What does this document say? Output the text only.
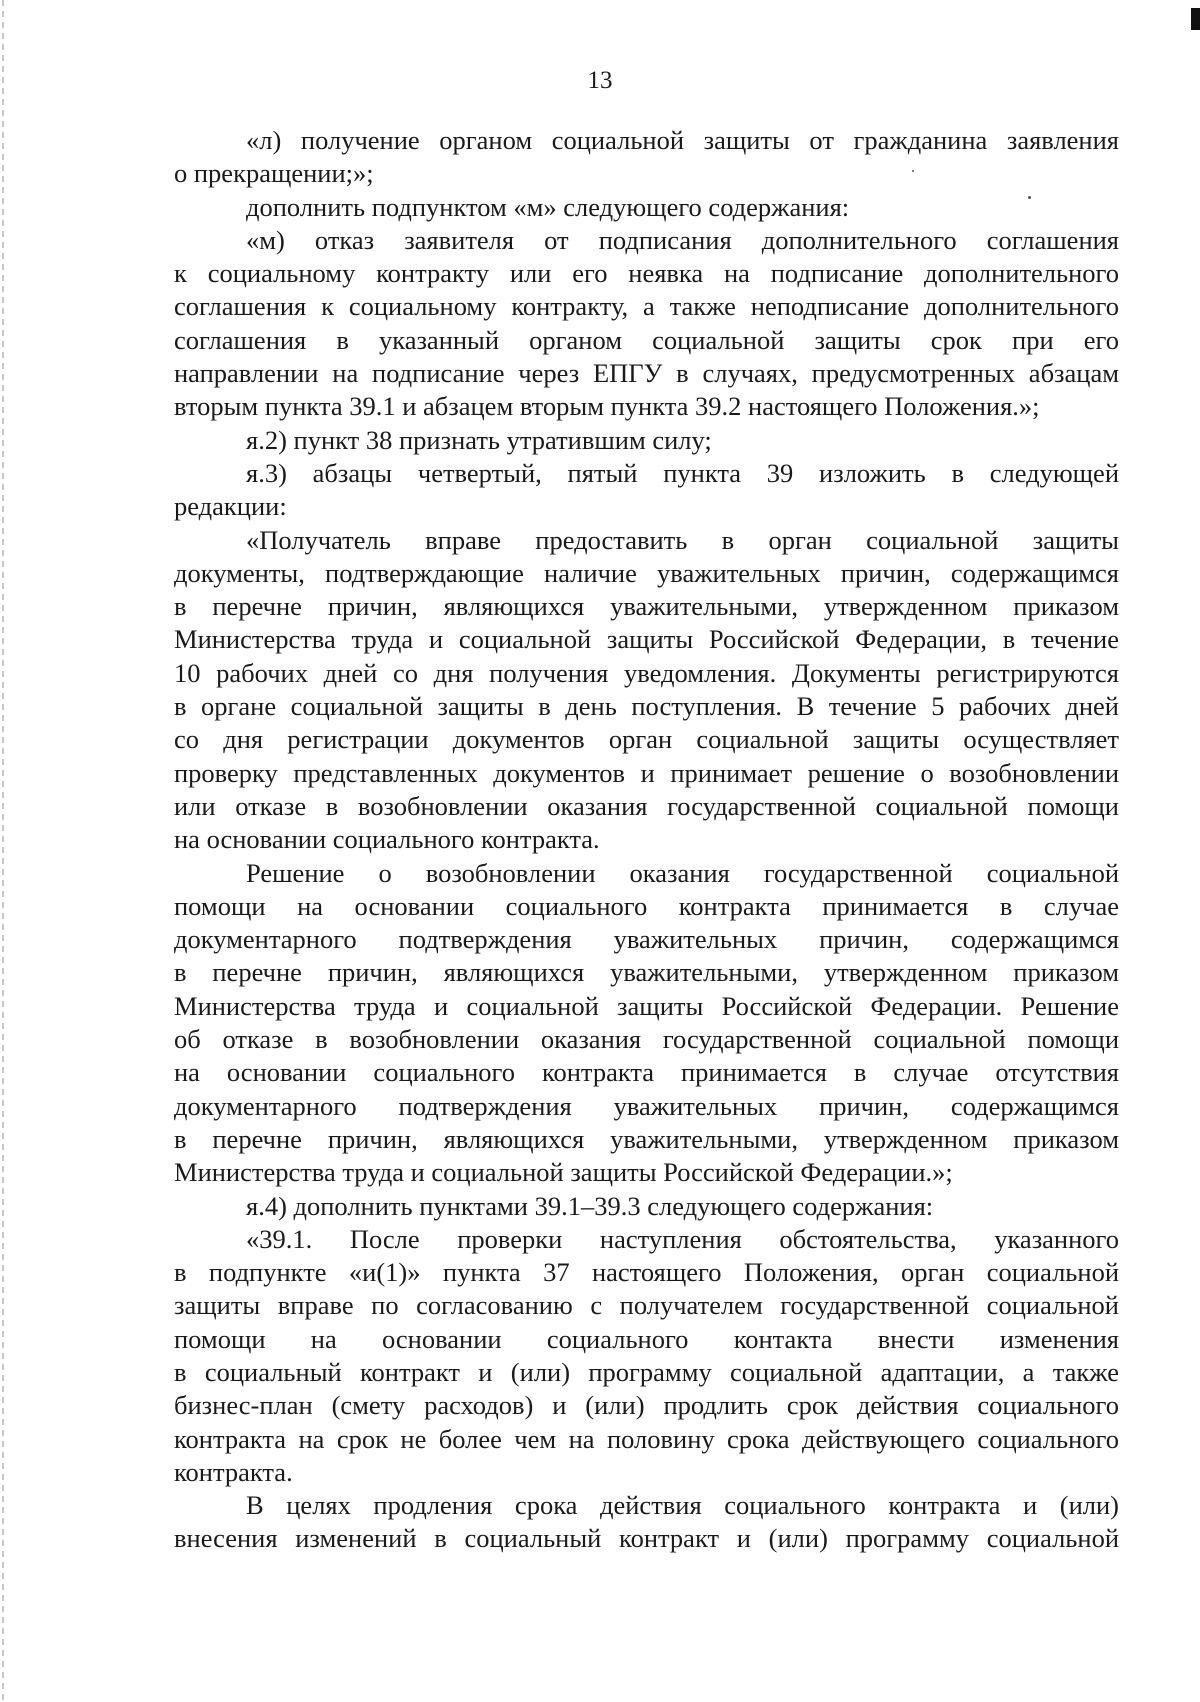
13
«л) получение органом социальной защиты от гражданина заявления
о прекращении;»;
дополнить подпунктом «м» следующего содержания:
«м) отказ заявителя от подписания дополнительного соглашения
к социальному контракту или его неявка на подписание дополнительного
соглашения к социальному контракту, а также неподписание дополнительного
соглашения в указанный органом социальной защиты срок при его
направлении на подписание через ЕПГУ в случаях, предусмотренных абзацам
вторым пункта 39.1 и абзацем вторым пункта 39.2 настоящего Положения.»;
я.2) пункт 38 признать утратившим силу;
я.3) абзацы четвертый, пятый пункта 39 изложить в следующей
редакции:
«Получатель вправе предоставить в орган социальной защиты
документы, подтверждающие наличие уважительных причин, содержащимся
в перечне причин, являющихся уважительными, утвержденном приказом
Министерства труда и социальной защиты Российской Федерации, в течение
10 рабочих дней со дня получения уведомления. Документы регистрируются
в органе социальной защиты в день поступления. В течение 5 рабочих дней
со дня регистрации документов орган социальной защиты осуществляет
проверку представленных документов и принимает решение о возобновлении
или отказе в возобновлении оказания государственной социальной помощи
на основании социального контракта.
Решение о возобновлении оказания государственной социальной
помощи на основании социального контракта принимается в случае
документарного подтверждения уважительных причин, содержащимся
в перечне причин, являющихся уважительными, утвержденном приказом
Министерства труда и социальной защиты Российской Федерации. Решение
об отказе в возобновлении оказания государственной социальной помощи
на основании социального контракта принимается в случае отсутствия
документарного подтверждения уважительных причин, содержащимся
в перечне причин, являющихся уважительными, утвержденном приказом
Министерства труда и социальной защиты Российской Федерации.»;
я.4) дополнить пунктами 39.1–39.3 следующего содержания:
«39.1. После проверки наступления обстоятельства, указанного
в подпункте «и(1)» пункта 37 настоящего Положения, орган социальной
защиты вправе по согласованию с получателем государственной социальной
помощи на основании социального контакта внести изменения
в социальный контракт и (или) программу социальной адаптации, а также
бизнес-план (смету расходов) и (или) продлить срок действия социального
контракта на срок не более чем на половину срока действующего социального
контракта.
В целях продления срока действия социального контракта и (или)
внесения изменений в социальный контракт и (или) программу социальной
